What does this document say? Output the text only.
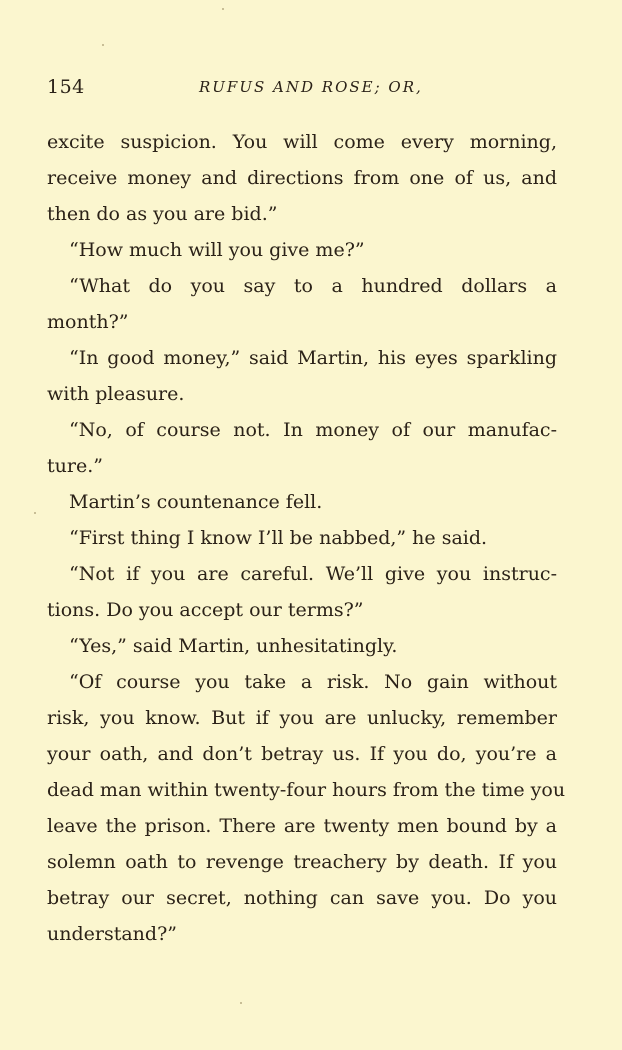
154	RUFUS AND ROSE; OR,
excite suspicion. You will come every morning,
receive money and directions from one of us, and
then do as you are bid.”
“How much will you give me?”
“What do you say to a hundred dollars a
month?”
“In good money,” said Martin, his eyes sparkling
with pleasure.
“No, of course not. In money of our manufac-
ture.”
Martin’s countenance fell.
“First thing I know I’ll be nabbed,” he said.
“Not if you are careful. We’ll give you instruc-
tions. Do you accept our terms?”
“Yes,” said Martin, unhesitatingly.
“Of course you take a risk. No gain without
risk, you know. But if you are unlucky, remember
your oath, and don’t betray us. If you do, you’re a
dead man within twenty-four hours from the time you
leave the prison. There are twenty men bound by a
solemn oath to revenge treachery by death. If you
betray our secret, nothing can save you. Do you
understand?”
